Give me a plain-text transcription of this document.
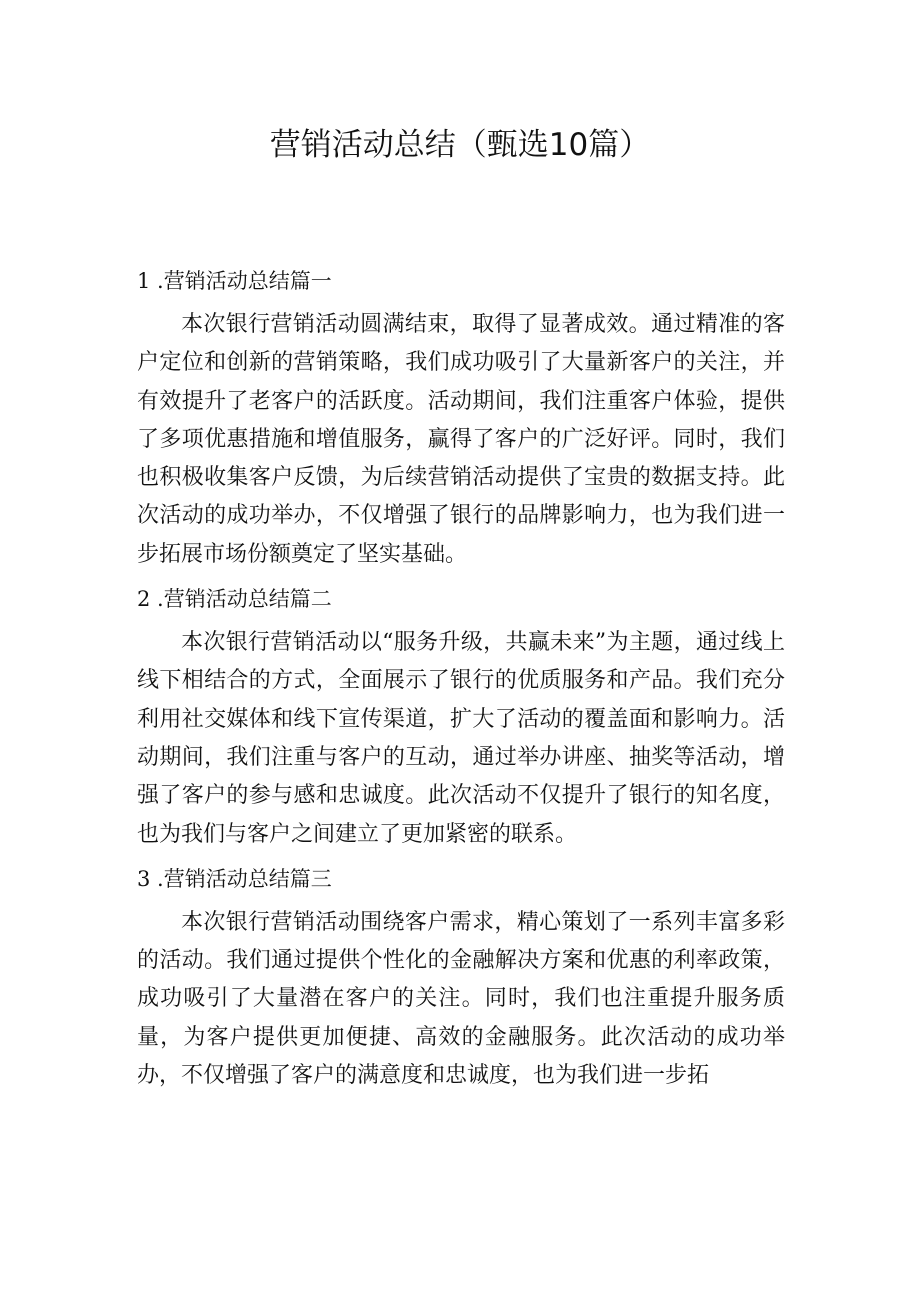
营销活动总结（甄选10篇）
1 .营销活动总结篇一

本次银行营销活动圆满结束，取得了显著成效。通过精准的客户定位和创新的营销策略，我们成功吸引了大量新客户的关注，并有效提升了老客户的活跃度。活动期间，我们注重客户体验，提供了多项优惠措施和增值服务，赢得了客户的广泛好评。同时，我们也积极收集客户反馈，为后续营销活动提供了宝贵的数据支持。此次活动的成功举办，不仅增强了银行的品牌影响力，也为我们进一步拓展市场份额奠定了坚实基础。

2 .营销活动总结篇二

本次银行营销活动以“服务升级，共赢未来”为主题，通过线上线下相结合的方式，全面展示了银行的优质服务和产品。我们充分利用社交媒体和线下宣传渠道，扩大了活动的覆盖面和影响力。活动期间，我们注重与客户的互动，通过举办讲座、抽奖等活动，增强了客户的参与感和忠诚度。此次活动不仅提升了银行的知名度，也为我们与客户之间建立了更加紧密的联系。

3 .营销活动总结篇三

本次银行营销活动围绕客户需求，精心策划了一系列丰富多彩的活动。我们通过提供个性化的金融解决方案和优惠的利率政策，成功吸引了大量潜在客户的关注。同时，我们也注重提升服务质量，为客户提供更加便捷、高效的金融服务。此次活动的成功举办，不仅增强了客户的满意度和忠诚度，也为我们进一步拓
